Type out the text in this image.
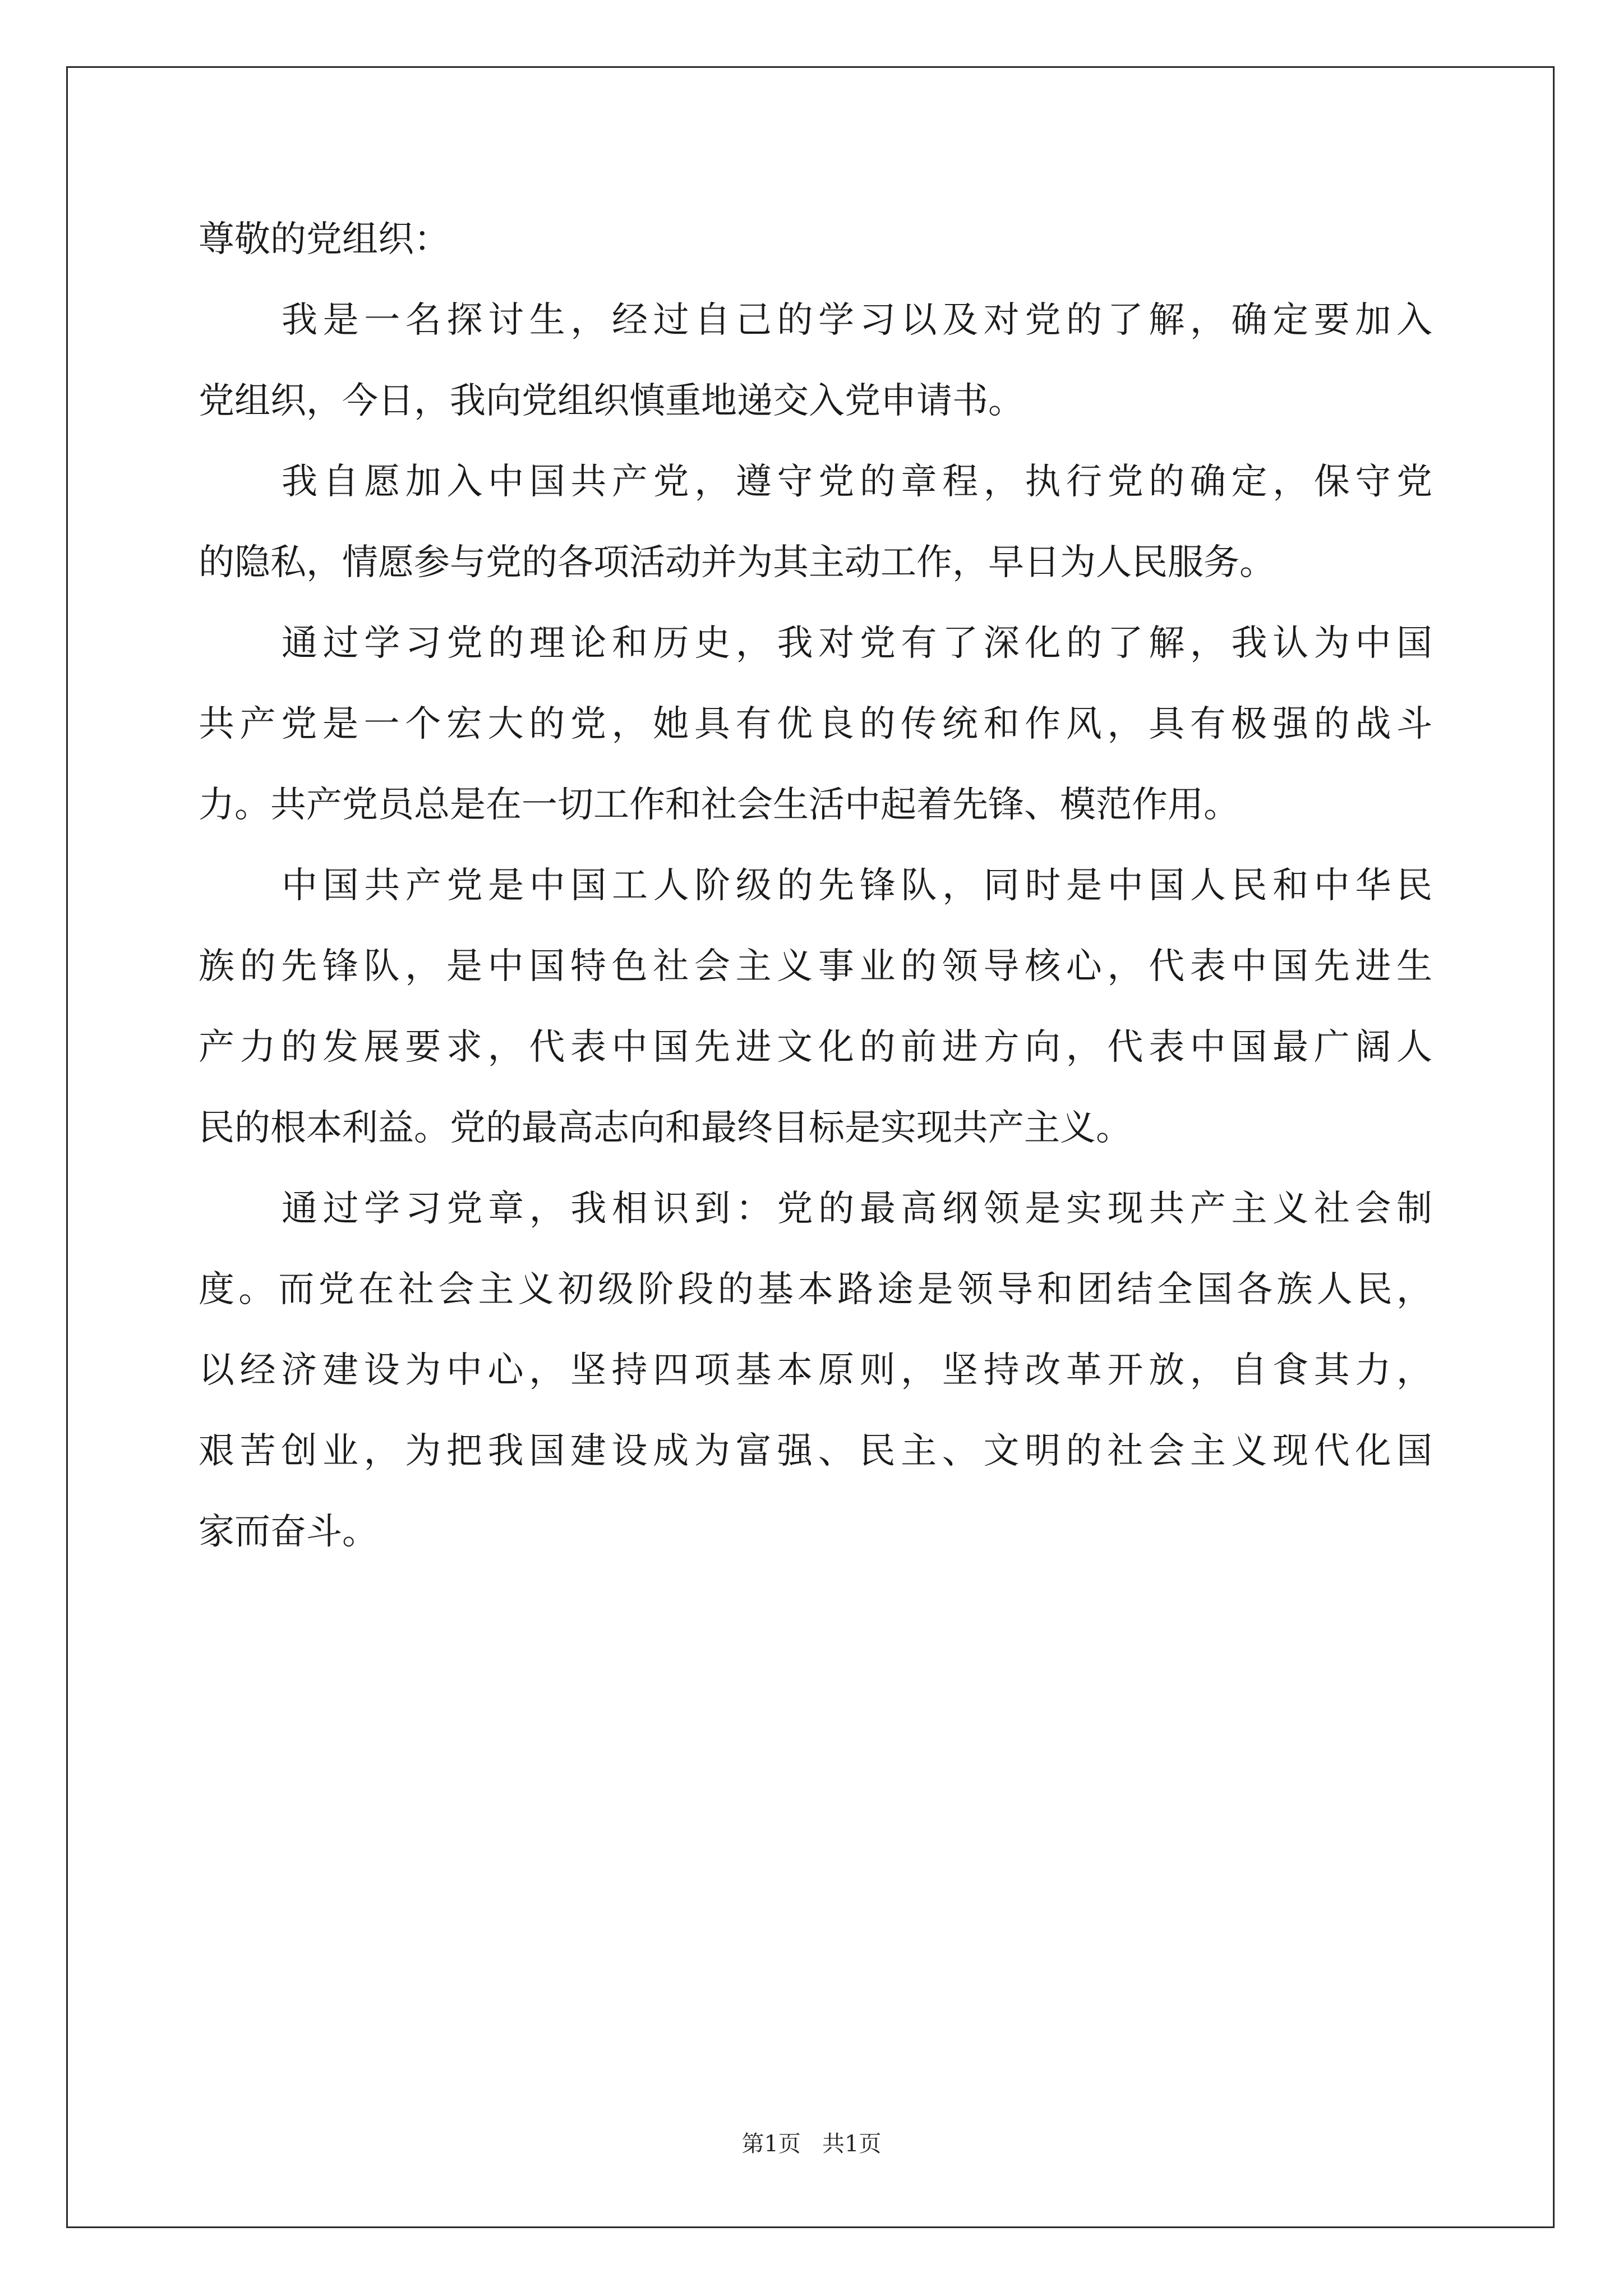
尊敬的党组织：
我是一名探讨生，经过自己的学习以及对党的了解，确定要加入
党组织，今日，我向党组织慎重地递交入党申请书。
我自愿加入中国共产党，遵守党的章程，执行党的确定，保守党
的隐私，情愿参与党的各项活动并为其主动工作，早日为人民服务。
通过学习党的理论和历史，我对党有了深化的了解，我认为中国
共产党是一个宏大的党，她具有优良的传统和作风，具有极强的战斗
力。共产党员总是在一切工作和社会生活中起着先锋、模范作用。
中国共产党是中国工人阶级的先锋队，同时是中国人民和中华民
族的先锋队，是中国特色社会主义事业的领导核心，代表中国先进生
产力的发展要求，代表中国先进文化的前进方向，代表中国最广阔人
民的根本利益。党的最高志向和最终目标是实现共产主义。
通过学习党章，我相识到：党的最高纲领是实现共产主义社会制
度。而党在社会主义初级阶段的基本路途是领导和团结全国各族人民，
以经济建设为中心，坚持四项基本原则，坚持改革开放，自食其力，
艰苦创业，为把我国建设成为富强、民主、文明的社会主义现代化国
家而奋斗。
第1页   共1页
